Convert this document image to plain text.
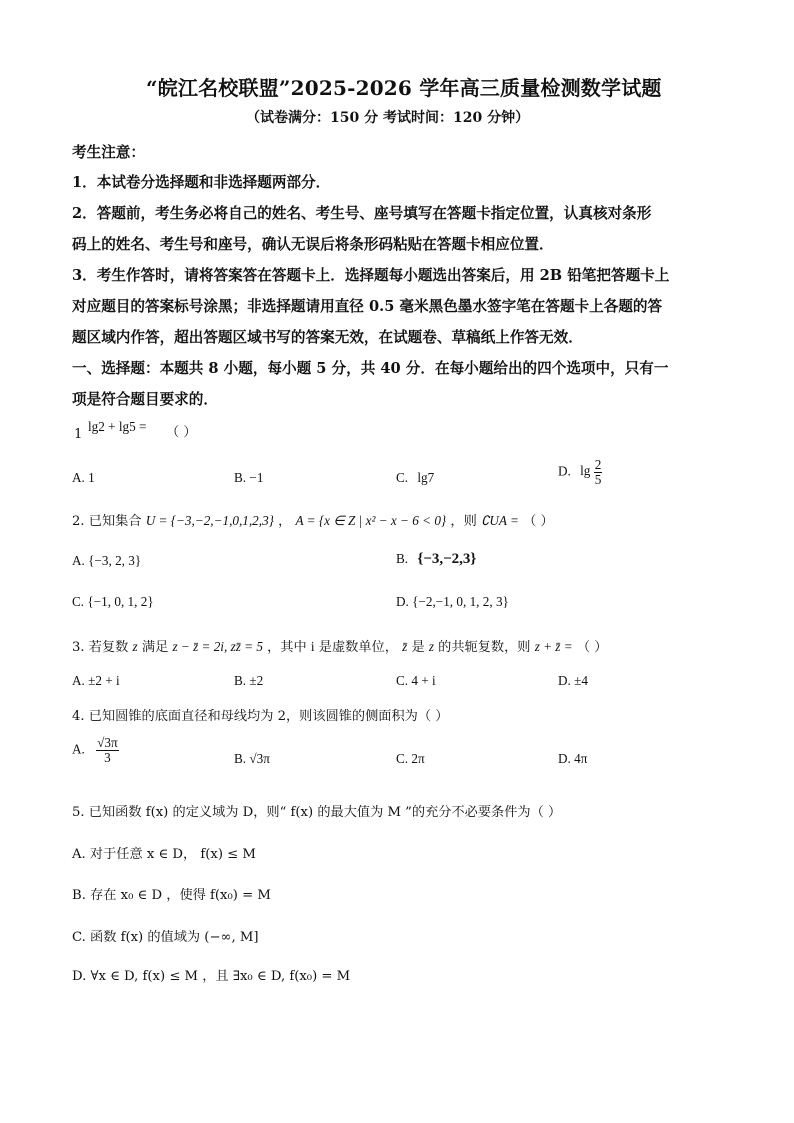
“皖江名校联盟”2025-2026 学年高三质量检测数学试题
（试卷满分：150 分 考试时间：120 分钟）
考生注意：
1．本试卷分选择题和非选择题两部分．
2．答题前，考生务必将自己的姓名、考生号、座号填写在答题卡指定位置，认真核对条形
码上的姓名、考生号和座号，确认无误后将条形码粘贴在答题卡相应位置．
3．考生作答时，请将答案答在答题卡上．选择题每小题选出答案后，用 2B 铅笔把答题卡上
对应题目的答案标号涂黑；非选择题请用直径 0.5 毫米黑色墨水签字笔在答题卡上各题的答
题区域内作答，超出答题区域书写的答案无效，在试题卷、草稿纸上作答无效．
一、选择题：本题共 8 小题，每小题 5 分，共 40 分．在每小题给出的四个选项中，只有一
项是符合题目要求的．
1
lg2 + lg5 = （ ）
A. 1	B. −1	C. lg7	D. $\lg \frac{2}{5}$
2. 已知集合 U = {−3,−2,−1,0,1,2,3} ， A = {x ∈ Z | x² − x − 6 < 0} ，则 ∁UA = （ ）
A. {−3, 2, 3}	B. {−3,−2,3}
C. {−1, 0, 1, 2}	D. {−2,−1, 0, 1, 2, 3}
3. 若复数 z 满足 z − z̄ = 2i, zz̄ = 5 ，其中 i 是虚数单位， z̄ 是 z 的共轭复数，则 z + z̄ = （ ）
A. ±2 + i	B. ±2	C. 4 + i	D. ±4
4. 已知圆锥的底面直径和母线均为 2，则该圆锥的侧面积为（ ）
A. $\frac{√3\pi}{3}$	B. √3π	C. 2π	D. 4π
5. 已知函数 f(x) 的定义域为 D，则“ f(x) 的最大值为 M ”的充分不必要条件为（ ）
A. 对于任意 x ∈ D， f(x) ≤ M
B. 存在 x₀ ∈ D ，使得 f(x₀) = M
C. 函数 f(x) 的值域为 (−∞, M]
D. ∀x ∈ D, f(x) ≤ M ，且 ∃x₀ ∈ D, f(x₀) = M
